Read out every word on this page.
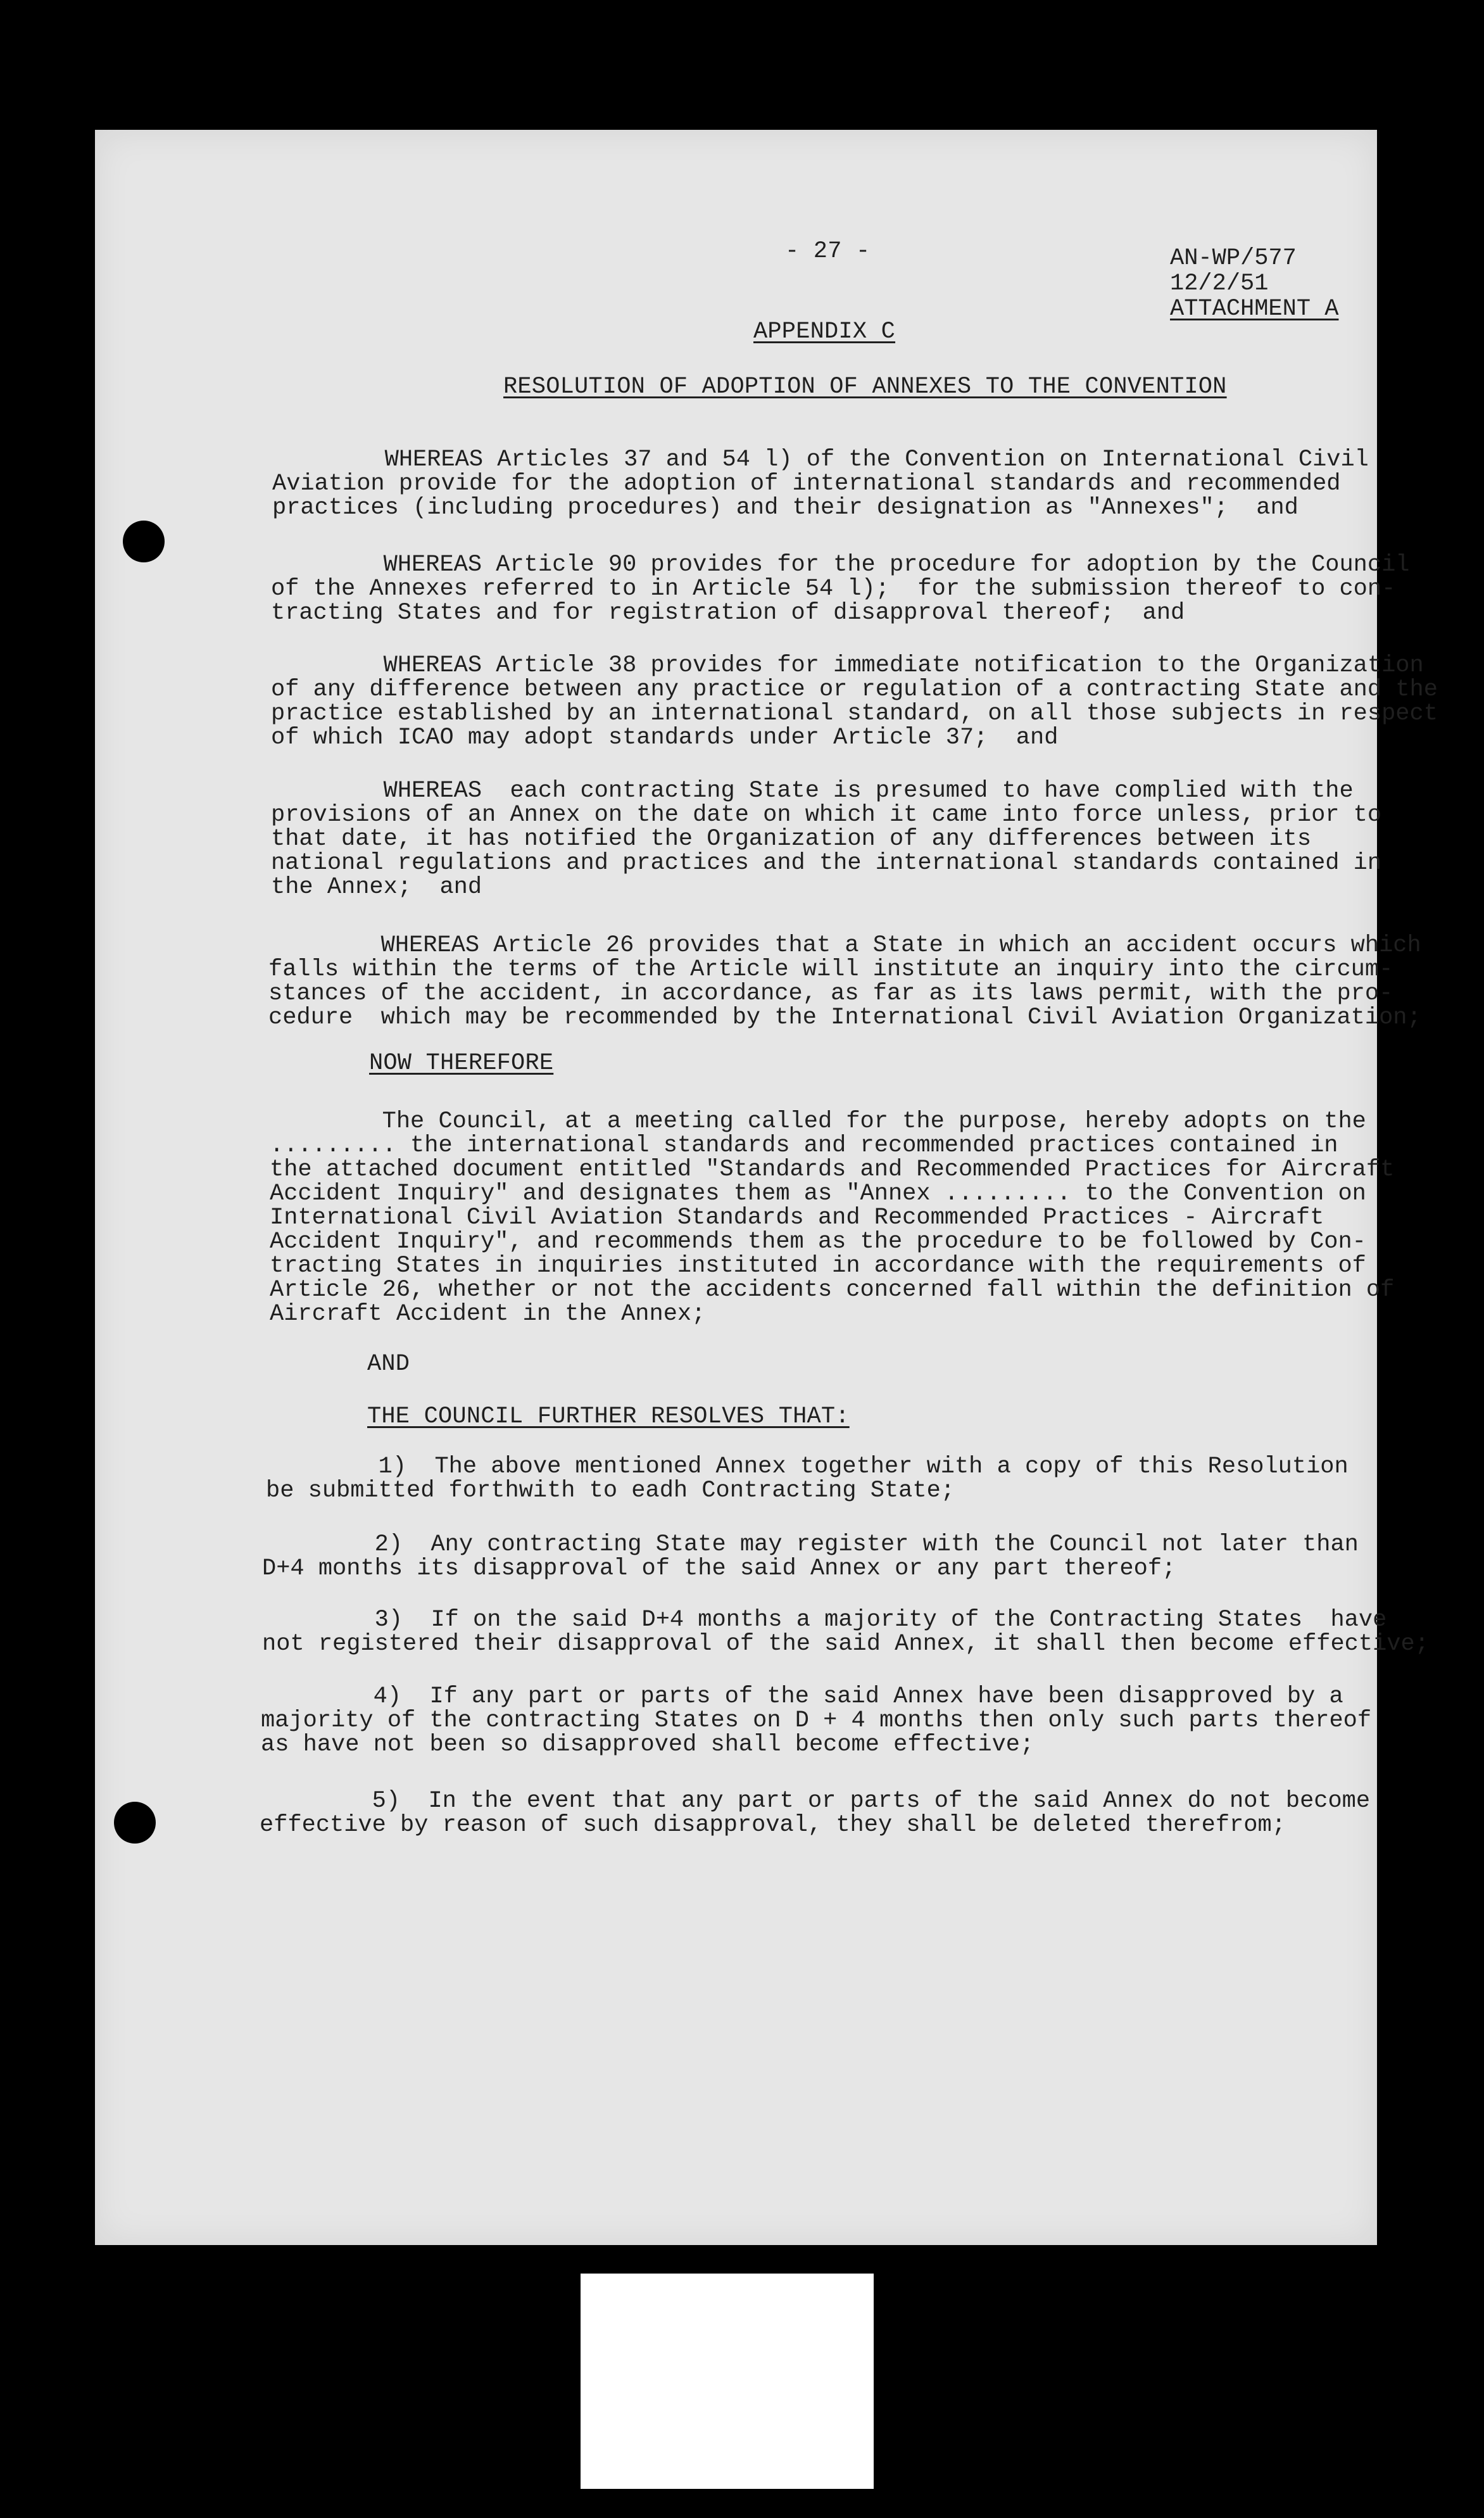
- 27 -	AN-WP/577
12/2/51
ATTACHMENT A
APPENDIX C
RESOLUTION OF ADOPTION OF ANNEXES TO THE CONVENTION
WHEREAS Articles 37 and 54 l) of the Convention on International Civil
Aviation provide for the adoption of international standards and recommended
practices (including procedures) and their designation as "Annexes";  and
WHEREAS Article 90 provides for the procedure for adoption by the Council
of the Annexes referred to in Article 54 l);  for the submission thereof to con-
tracting States and for registration of disapproval thereof;  and
WHEREAS Article 38 provides for immediate notification to the Organization
of any difference between any practice or regulation of a contracting State and the
practice established by an international standard, on all those subjects in respect
of which ICAO may adopt standards under Article 37;  and
WHEREAS  each contracting State is presumed to have complied with the
provisions of an Annex on the date on which it came into force unless, prior to
that date, it has notified the Organization of any differences between its
national regulations and practices and the international standards contained in
the Annex;  and
WHEREAS Article 26 provides that a State in which an accident occurs which
falls within the terms of the Article will institute an inquiry into the circum-
stances of the accident, in accordance, as far as its laws permit, with the pro-
cedure  which may be recommended by the International Civil Aviation Organization;
NOW THEREFORE
The Council, at a meeting called for the purpose, hereby adopts on the
......... the international standards and recommended practices contained in
the attached document entitled "Standards and Recommended Practices for Aircraft
Accident Inquiry" and designates them as "Annex ......... to the Convention on
International Civil Aviation Standards and Recommended Practices - Aircraft
Accident Inquiry", and recommends them as the procedure to be followed by Con-
tracting States in inquiries instituted in accordance with the requirements of
Article 26, whether or not the accidents concerned fall within the definition of
Aircraft Accident in the Annex;
AND
THE COUNCIL FURTHER RESOLVES THAT:
1)  The above mentioned Annex together with a copy of this Resolution
be submitted forthwith to eadh Contracting State;
2)  Any contracting State may register with the Council not later than
D+4 months its disapproval of the said Annex or any part thereof;
3)  If on the said D+4 months a majority of the Contracting States  have
not registered their disapproval of the said Annex, it shall then become effective;
4)  If any part or parts of the said Annex have been disapproved by a
majority of the contracting States on D + 4 months then only such parts thereof
as have not been so disapproved shall become effective;
5)  In the event that any part or parts of the said Annex do not become
effective by reason of such disapproval, they shall be deleted therefrom;
